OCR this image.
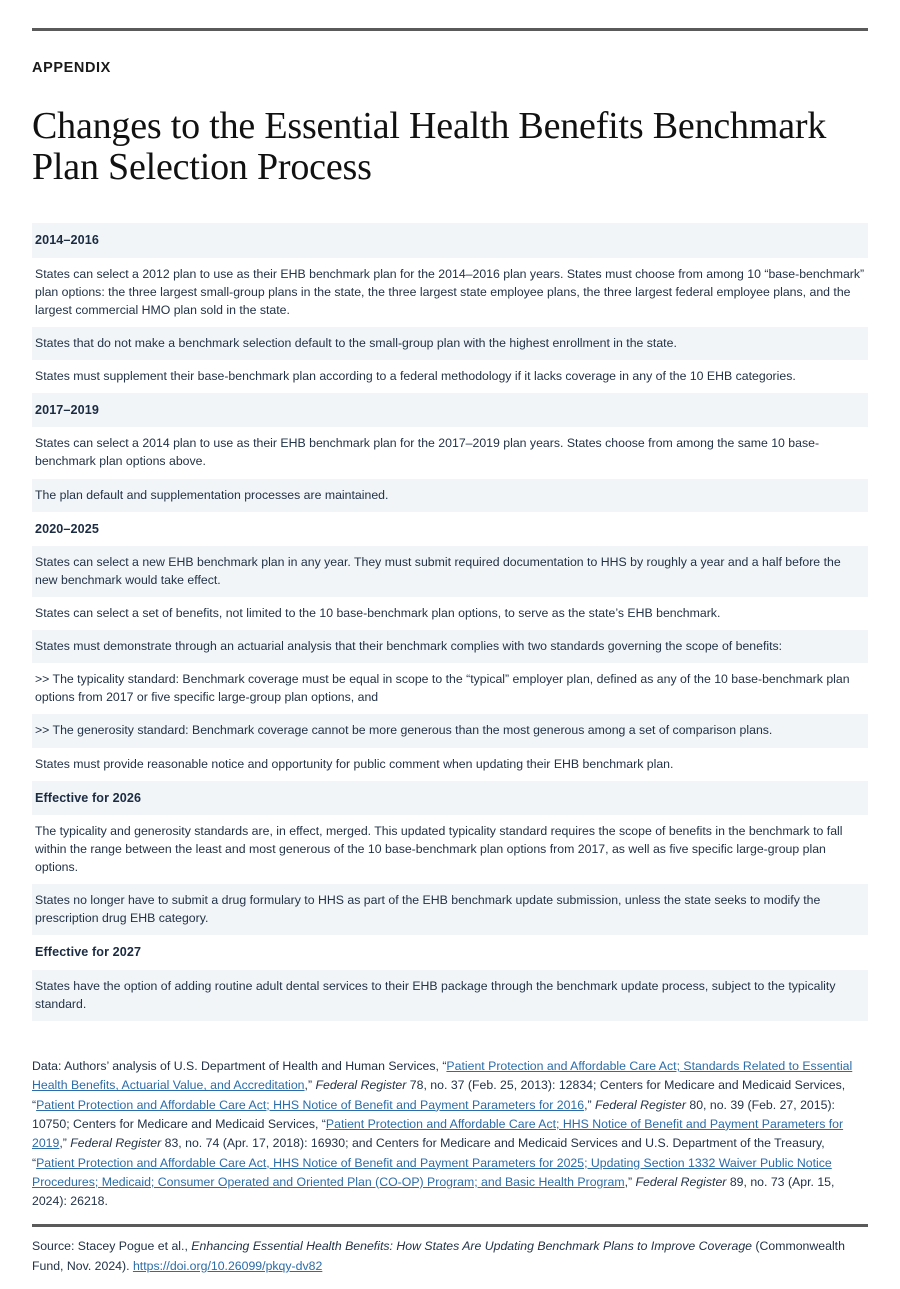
APPENDIX
Changes to the Essential Health Benefits Benchmark Plan Selection Process

2014–2016

States can select a 2012 plan to use as their EHB benchmark plan for the 2014–2016 plan years. States must choose from among 10 “base-benchmark” plan options: the three largest small-group plans in the state, the three largest state employee plans, the three largest federal employee plans, and the largest commercial HMO plan sold in the state.

States that do not make a benchmark selection default to the small-group plan with the highest enrollment in the state.

States must supplement their base-benchmark plan according to a federal methodology if it lacks coverage in any of the 10 EHB categories.

2017–2019

States can select a 2014 plan to use as their EHB benchmark plan for the 2017–2019 plan years. States choose from among the same 10 base-benchmark plan options above.

The plan default and supplementation processes are maintained.

2020–2025

States can select a new EHB benchmark plan in any year. They must submit required documentation to HHS by roughly a year and a half before the new benchmark would take effect.

States can select a set of benefits, not limited to the 10 base-benchmark plan options, to serve as the state’s EHB benchmark.

States must demonstrate through an actuarial analysis that their benchmark complies with two standards governing the scope of benefits:

>> The typicality standard: Benchmark coverage must be equal in scope to the “typical” employer plan, defined as any of the 10 base-benchmark plan options from 2017 or five specific large-group plan options, and

>> The generosity standard: Benchmark coverage cannot be more generous than the most generous among a set of comparison plans.

States must provide reasonable notice and opportunity for public comment when updating their EHB benchmark plan.

Effective for 2026

The typicality and generosity standards are, in effect, merged. This updated typicality standard requires the scope of benefits in the benchmark to fall within the range between the least and most generous of the 10 base-benchmark plan options from 2017, as well as five specific large-group plan options.

States no longer have to submit a drug formulary to HHS as part of the EHB benchmark update submission, unless the state seeks to modify the prescription drug EHB category.

Effective for 2027

States have the option of adding routine adult dental services to their EHB package through the benchmark update process, subject to the typicality standard.

Data: Authors’ analysis of U.S. Department of Health and Human Services, “Patient Protection and Affordable Care Act; Standards Related to Essential Health Benefits, Actuarial Value, and Accreditation,” Federal Register 78, no. 37 (Feb. 25, 2013): 12834; Centers for Medicare and Medicaid Services, “Patient Protection and Affordable Care Act; HHS Notice of Benefit and Payment Parameters for 2016,” Federal Register 80, no. 39 (Feb. 27, 2015): 10750; Centers for Medicare and Medicaid Services, “Patient Protection and Affordable Care Act; HHS Notice of Benefit and Payment Parameters for 2019,” Federal Register 83, no. 74 (Apr. 17, 2018): 16930; and Centers for Medicare and Medicaid Services and U.S. Department of the Treasury, “Patient Protection and Affordable Care Act, HHS Notice of Benefit and Payment Parameters for 2025; Updating Section 1332 Waiver Public Notice Procedures; Medicaid; Consumer Operated and Oriented Plan (CO-OP) Program; and Basic Health Program,” Federal Register 89, no. 73 (Apr. 15, 2024): 26218.

Source: Stacey Pogue et al., Enhancing Essential Health Benefits: How States Are Updating Benchmark Plans to Improve Coverage (Commonwealth Fund, Nov. 2024). https://doi.org/10.26099/pkqy-dv82
